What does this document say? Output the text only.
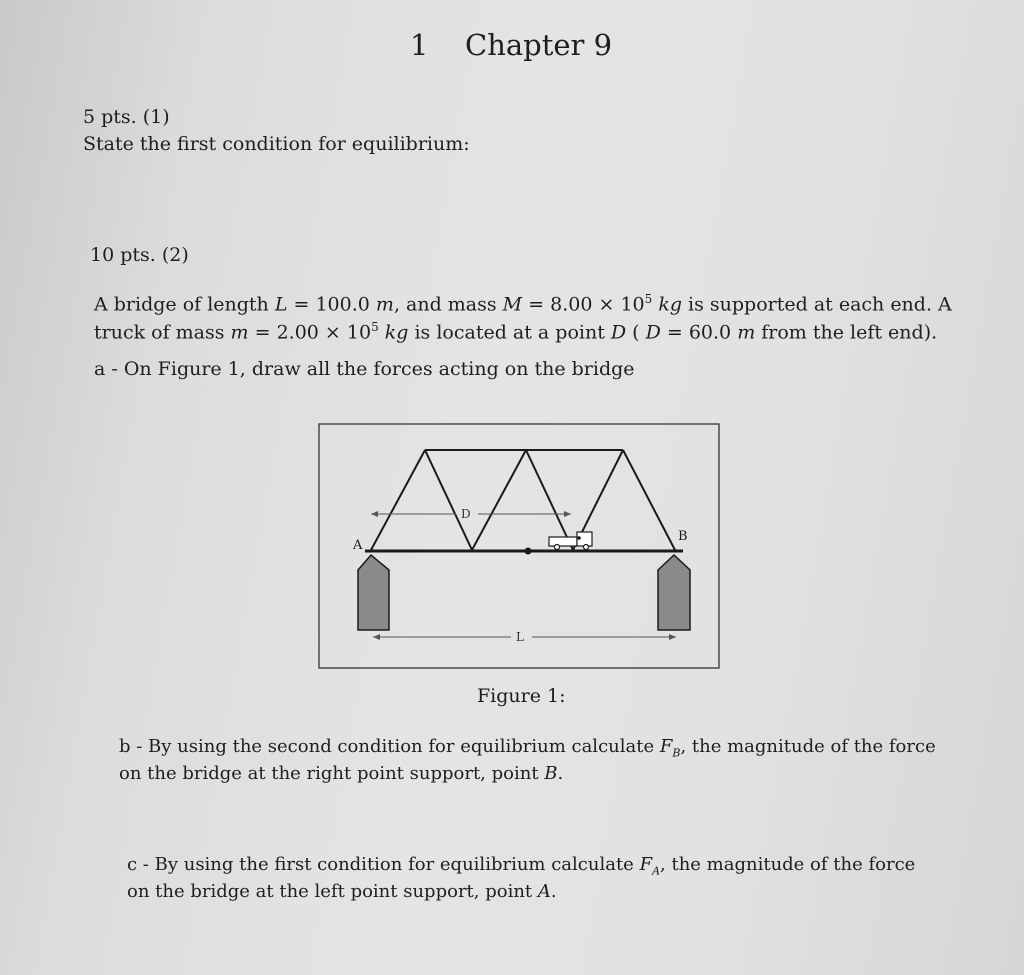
1 Chapter 9
5 pts. (1)
State the first condition for equilibrium:
10 pts. (2)
A bridge of length L = 100.0 m, and mass $M = 8.00 \times 10^5$ kg is supported at each end. A
truck of mass $m = 2.00 \times 10^5$ kg is located at a point D ( D = 60.0 m from the left end).
a - On Figure 1, draw all the forces acting on the bridge
A
B
D
L
Figure 1:
b - By using the second condition for equilibrium calculate $F_B$, the magnitude of the force
on the bridge at the right point support, point B.
c - By using the first condition for equilibrium calculate $F_A$, the magnitude of the force
on the bridge at the left point support, point A.
